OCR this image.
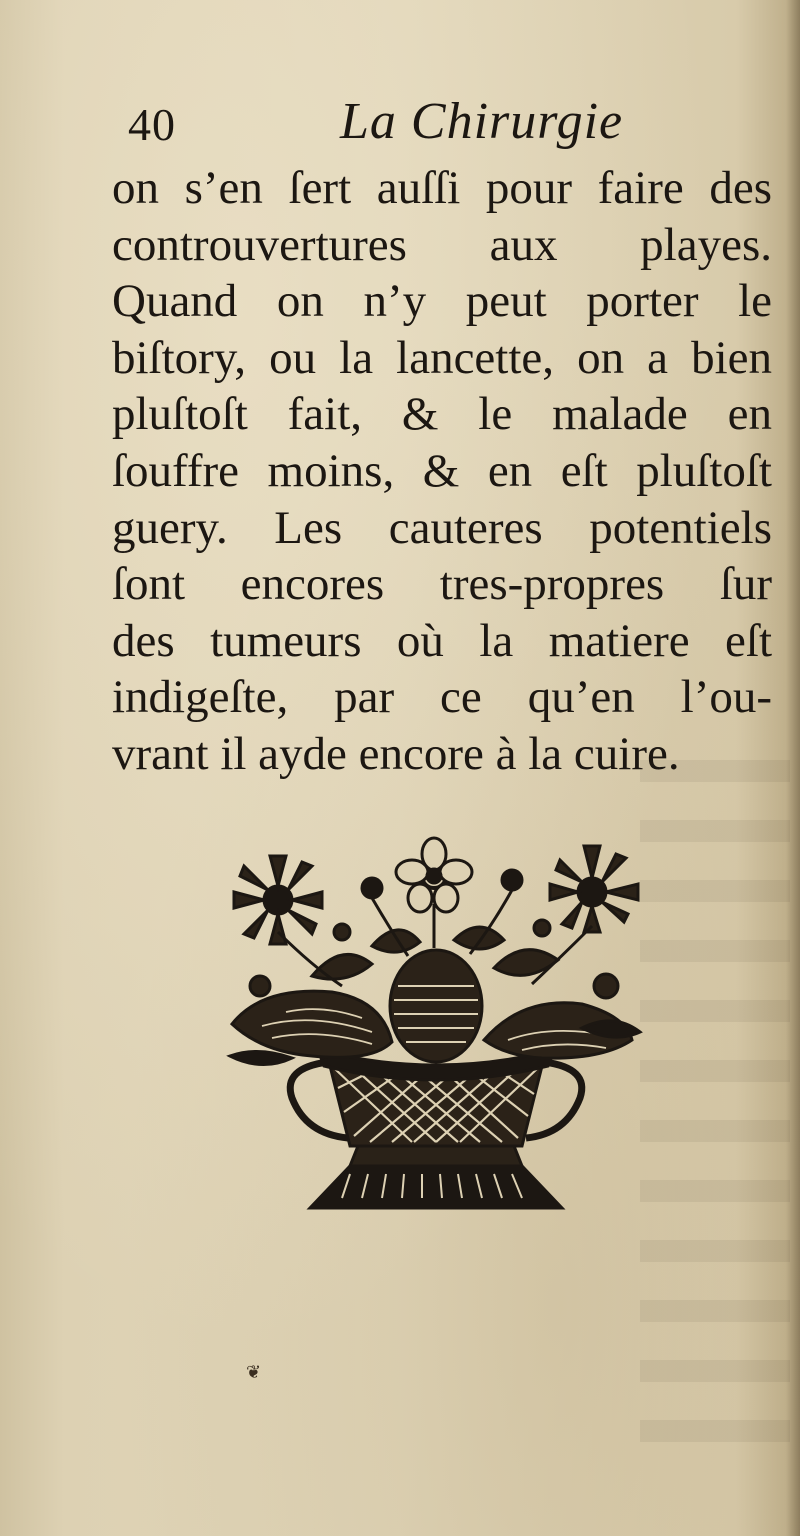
40	La Chirurgie
on s’en ſert auſſi pour faire des
controuvertures aux playes.
Quand on n’y peut porter le
biſtory, ou la lancette, on a bien
pluſtoſt fait, & le malade en
ſouffre moins, & en eſt pluſtoſt
guery. Les cauteres potentiels
ſont encores tres-propres ſur
des tumeurs où la matiere eſt
indigeſte, par ce qu’en l’ou-
vrant il ayde encore à la cuire.
❦
